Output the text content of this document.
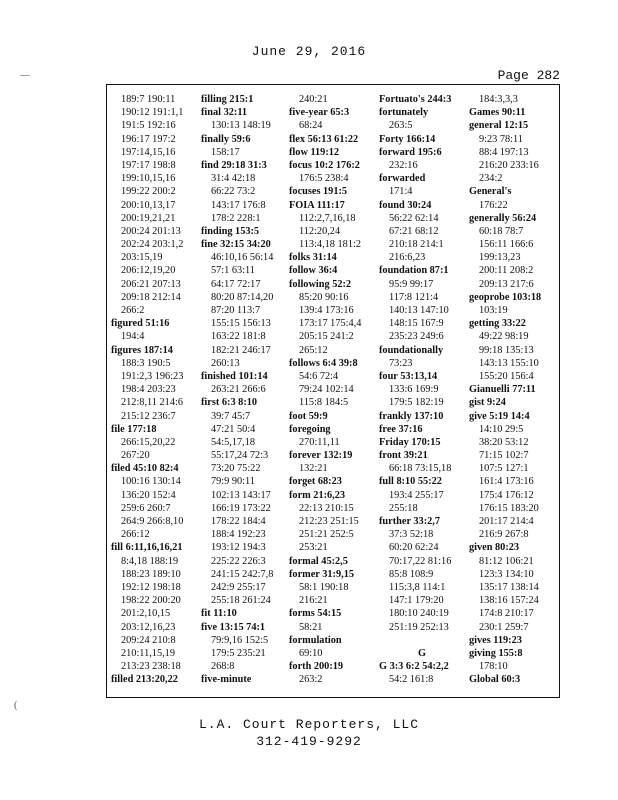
June 29, 2016
Page 282
189:7 190:11
190:12 191:1,1
191:5 192:16
196:17 197:2
197:14,15,16
197:17 198:8
199:10,15,16
199:22 200:2
200:10,13,17
200:19,21,21
200:24 201:13
202:24 203:1,2
203:15,19
206:12,19,20
206:21 207:13
209:18 212:14
266:2
figured 51:16
194:4
figures 187:14
188:3 190:5
191:2,3 196:23
198:4 203:23
212:8,11 214:6
215:12 236:7
file 177:18
266:15,20,22
267:20
filed 45:10 82:4
100:16 130:14
136:20 152:4
259:6 260:7
264:9 266:8,10
266:12
fill 6:11,16,16,21
8:4,18 188:19
188:23 189:10
192:12 198:18
198:22 200:20
201:2,10,15
203:12,16,23
209:24 210:8
210:11,15,19
213:23 238:18
filled 213:20,22
filling 215:1
final 32:11
130:13 148:19
finally 59:6
158:17
find 29:18 31:3
31:4 42:18
66:22 73:2
143:17 176:8
178:2 228:1
finding 153:5
fine 32:15 34:20
46:10,16 56:14
57:1 63:11
64:17 72:17
80:20 87:14,20
87:20 113:7
155:15 156:13
163:22 181:8
182:21 246:17
260:13
finished 101:14
263:21 266:6
first 6:3 8:10
39:7 45:7
47:21 50:4
54:5,17,18
55:17,24 72:3
73:20 75:22
79:9 90:11
102:13 143:17
166:19 173:22
178:22 184:4
188:4 192:23
193:12 194:3
225:22 226:3
241:15 242:7,8
242:9 255:17
255:18 261:24
fit 11:10
five 13:15 74:1
79:9,16 152:5
179:5 235:21
268:8
five-minute
240:21
five-year 65:3
68:24
flex 56:13 61:22
flow 119:12
focus 10:2 176:2
176:5 238:4
focuses 191:5
FOIA 111:17
112:2,7,16,18
112:20,24
113:4,18 181:2
folks 31:14
follow 36:4
following 52:2
85:20 90:16
139:4 173:16
173:17 175:4,4
205:15 241:2
265:12
follows 6:4 39:8
54:6 72:4
79:24 102:14
115:8 184:5
foot 59:9
foregoing
270:11,11
forever 132:19
132:21
forget 68:23
form 21:6,23
22:13 210:15
212:23 251:15
251:21 252:5
253:21
formal 45:2,5
former 31:9,15
58:1 190:18
216:21
forms 54:15
58:21
formulation
69:10
forth 200:19
263:2
Fortuato's 244:3
fortunately
263:5
Forty 166:14
forward 195:6
232:16
forwarded
171:4
found 30:24
56:22 62:14
67:21 68:12
210:18 214:1
216:6,23
foundation 87:1
95:9 99:17
117:8 121:4
140:13 147:10
148:15 167:9
235:23 249:6
foundationally
73:23
four 53:13,14
133:6 169:9
179:5 182:19
frankly 137:10
free 37:16
Friday 170:15
front 39:21
66:18 73:15,18
full 8:10 55:22
193:4 255:17
255:18
further 33:2,7
37:3 52:18
60:20 62:24
70:17,22 81:16
85:8 108:9
115:3,8 114:1
147:1 179:20
180:10 240:19
251:19 252:13
G
G 3:3 6:2 54:2,2
54:2 161:8
184:3,3,3
Games 90:11
general 12:15
9:23 78:11
88:4 197:13
216:20 233:16
234:2
General's
176:22
generally 56:24
60:18 78:7
156:11 166:6
199:13,23
200:11 208:2
209:13 217:6
geoprobe 103:18
103:19
getting 33:22
49:22 98:19
99:18 135:13
143:13 155:10
155:20 156:4
Gianuelli 77:11
gist 9:24
give 5:19 14:4
14:10 29:5
38:20 53:12
71:15 102:7
107:5 127:1
161:4 173:16
175:4 176:12
176:15 183:20
201:17 214:4
216:9 267:8
given 80:23
81:12 106:21
123:3 134:10
135:17 138:14
138:16 157:24
174:8 210:17
230:1 259:7
gives 119:23
giving 155:8
178:10
Global 60:3
—
(
L.A. Court Reporters, LLC
312-419-9292
